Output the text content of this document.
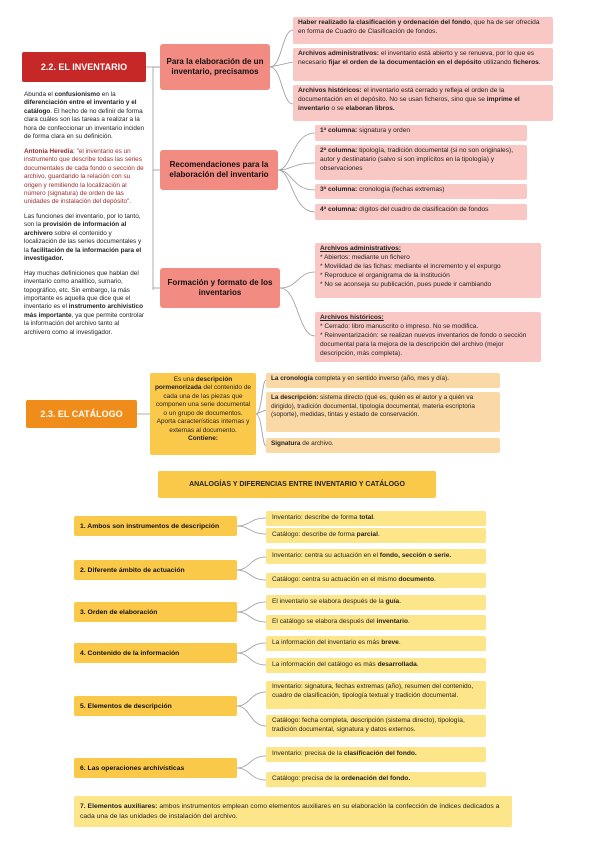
2.2. EL INVENTARIO

Abunda el confusionismo en la diferenciación entre el inventario y el catálogo. El hecho de no definir de forma clara cuáles son las tareas a realizar a la hora de confeccionar un inventario inciden de forma clara en su definición.

Antonia Heredia: "el inventario es un instrumento que describe todas las series documentales de cada fondo o sección de archivo, guardando la relación con su origen y remitiendo la localización al número (signatura) de orden de las unidades de instalación del depósito".

Las funciones del inventario, por lo tanto, son la provisión de información al archivero sobre el contenido y localización de las series documentales y la facilitación de la información para el investigador.

Hay muchas definiciones que hablan del inventario como analítico, sumario, topográfico, etc. Sin embargo, la más importante es aquella que dice que el inventario es el instrumento archivístico más importante, ya que permite controlar la información del archivo tanto al archivero como al investigador.

Para la elaboración de un inventario, precisamos
Haber realizado la clasificación y ordenación del fondo, que ha de ser ofrecida en forma de Cuadro de Clasificación de fondos.
Archivos administrativos: el inventario está abierto y se renueva, por lo que es necesario fijar el orden de la documentación en el depósito utilizando ficheros.
Archivos históricos: el inventario está cerrado y refleja el orden de la documentación en el depósito. No se usan ficheros, sino que se imprime el inventario o se elaboran libros.
Recomendaciones para la elaboración del inventario
1ª columna: signatura y orden
2ª columna: tipología, tradición documental (si no son originales), autor y destinatario (salvo si son implícitos en la tipología) y observaciones
3ª columna: cronología (fechas extremas)
4ª columna: dígitos del cuadro de clasificación de fondos
Formación y formato de los inventarios
Archivos administrativos:
* Abiertos: mediante un fichero
* Movilidad de las fichas: mediante el incremento y el expurgo
* Reproduce el organigrama de la institución
* No se aconseja su publicación, pues puede ir cambiando
Archivos históricos:
* Cerrado: libro manuscrito o impreso. No se modifica.
* Reinventarización: se realizan nuevos inventarios de fondo o sección documental para la mejora de la descripción del archivo (mejor descripción, más completa).
2.3. EL CATÁLOGO
Es una descripción pormenorizada del contenido de cada una de las piezas que componen una serie documental o un grupo de documentos. Aporta características internas y externas al documento.
Contiene:
La cronología completa y en sentido inverso (año, mes y día).
La descripción: sistema directo (qué es, quién es el autor y a quién va dirigido), tradición documental, tipología documental, materia escriptoria (soporte), medidas, tintas y estado de conservación.
Signatura de archivo.
ANALOGÍAS Y DIFERENCIAS ENTRE INVENTARIO Y CATÁLOGO
1. Ambos son instrumentos de descripción
Inventario: describe de forma total.
Catálogo: describe de forma parcial.
2. Diferente ámbito de actuación
Inventario: centra su actuación en el fondo, sección o serie.
Catálogo: centra su actuación en el mismo documento.
3. Orden de elaboración
El inventario se elabora después de la guía.
El catálogo se elabora después del inventario.
4. Contenido de la información
La información del inventario es más breve.
La información del catálogo es más desarrollada.
5. Elementos de descripción
Inventario: signatura, fechas extremas (año), resumen del contenido, cuadro de clasificación, tipología textual y tradición documental.
Catálogo: fecha completa, descripción (sistema directo), tipología, tradición documental, signatura y datos externos.
6. Las operaciones archivísticas
Inventario: precisa de la clasificación del fondo.
Catálogo: precisa de la ordenación del fondo.
7. Elementos auxiliares: ambos instrumentos emplean como elementos auxiliares en su elaboración la confección de índices dedicados a cada una de las unidades de instalación del archivo.
